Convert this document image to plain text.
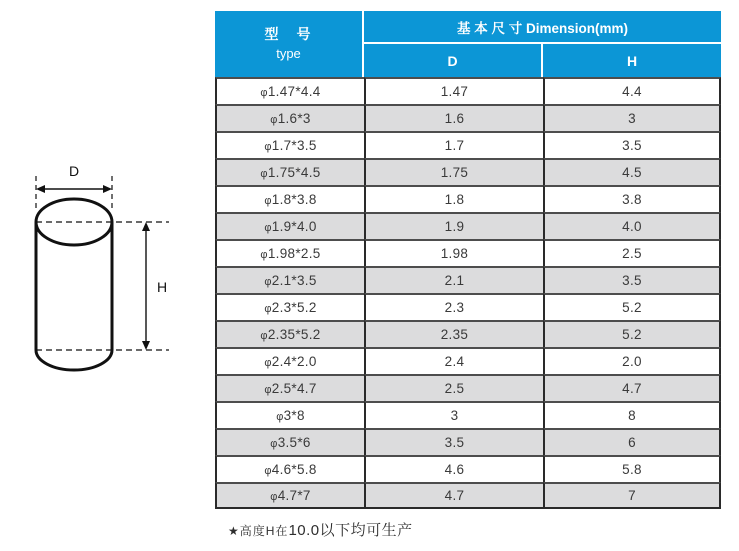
D
H
型　号
type	基 本 尺 寸 Dimension(mm)	
	D	H
φ1.47*4.4	1.47	4.4
φ1.6*3	1.6	3
φ1.7*3.5	1.7	3.5
φ1.75*4.5	1.75	4.5
φ1.8*3.8	1.8	3.8
φ1.9*4.0	1.9	4.0
φ1.98*2.5	1.98	2.5
φ2.1*3.5	2.1	3.5
φ2.3*5.2	2.3	5.2
φ2.35*5.2	2.35	5.2
φ2.4*2.0	2.4	2.0
φ2.5*4.7	2.5	4.7
φ3*8	3	8
φ3.5*6	3.5	6
φ4.6*5.8	4.6	5.8
φ4.7*7	4.7	7
★高度H在10.0以下均可生产
